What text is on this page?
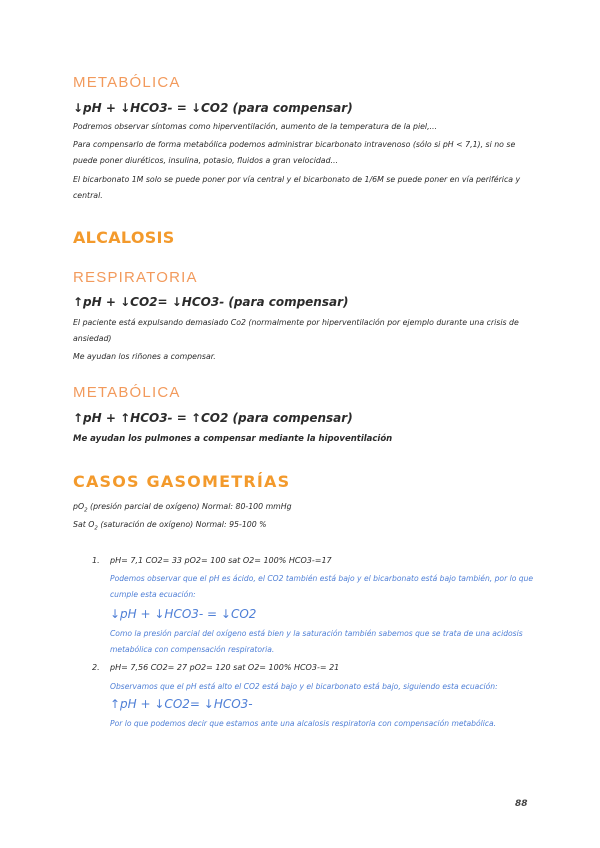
METABÓLICA

↓pH + ↓HCO3- = ↓CO2 (para compensar)

Podremos observar síntomas como hiperventilación, aumento de la temperatura de la piel,...

Para compensarlo de forma metabólica podemos administrar bicarbonato intravenoso (sólo si pH < 7,1), si no se puede poner diuréticos, insulina, potasio, fluidos a gran velocidad...

El bicarbonato 1M solo se puede poner por vía central y el bicarbonato de 1/6M se puede poner en vía periférica y central.

ALCALOSIS
RESPIRATORIA

↑pH + ↓CO2= ↓HCO3- (para compensar)

El paciente está expulsando demasiado Co2 (normalmente por hiperventilación por ejemplo durante una crisis de ansiedad)

Me ayudan los riñones a compensar.

METABÓLICA

↑pH + ↑HCO3- = ↑CO2 (para compensar)

Me ayudan los pulmones a compensar mediante la hipoventilación

CASOS GASOMETRÍAS

$pO_2$ (presión parcial de oxígeno) Normal: 80-100 mmHg

Sat $O_2$ (saturación de oxígeno) Normal: 95-100 %

1. pH= 7,1 CO2= 33 pO2= 100 sat O2= 100% HCO3-=17

Podemos observar que el pH es ácido, el CO2 también está bajo y el bicarbonato está bajo también, por lo que cumple esta ecuación:

↓pH + ↓HCO3- = ↓CO2

Como la presión parcial del oxígeno está bien y la saturación también sabemos que se trata de una acidosis metabólica con compensación respiratoria.

2. pH= 7,56 CO2= 27 pO2= 120 sat O2= 100% HCO3-= 21

Observamos que el pH está alto el CO2 está bajo y el bicarbonato está bajo, siguiendo esta ecuación:

↑pH + ↓CO2= ↓HCO3-

Por lo que podemos decir que estamos ante una alcalosis respiratoria con compensación metabólica.

88
